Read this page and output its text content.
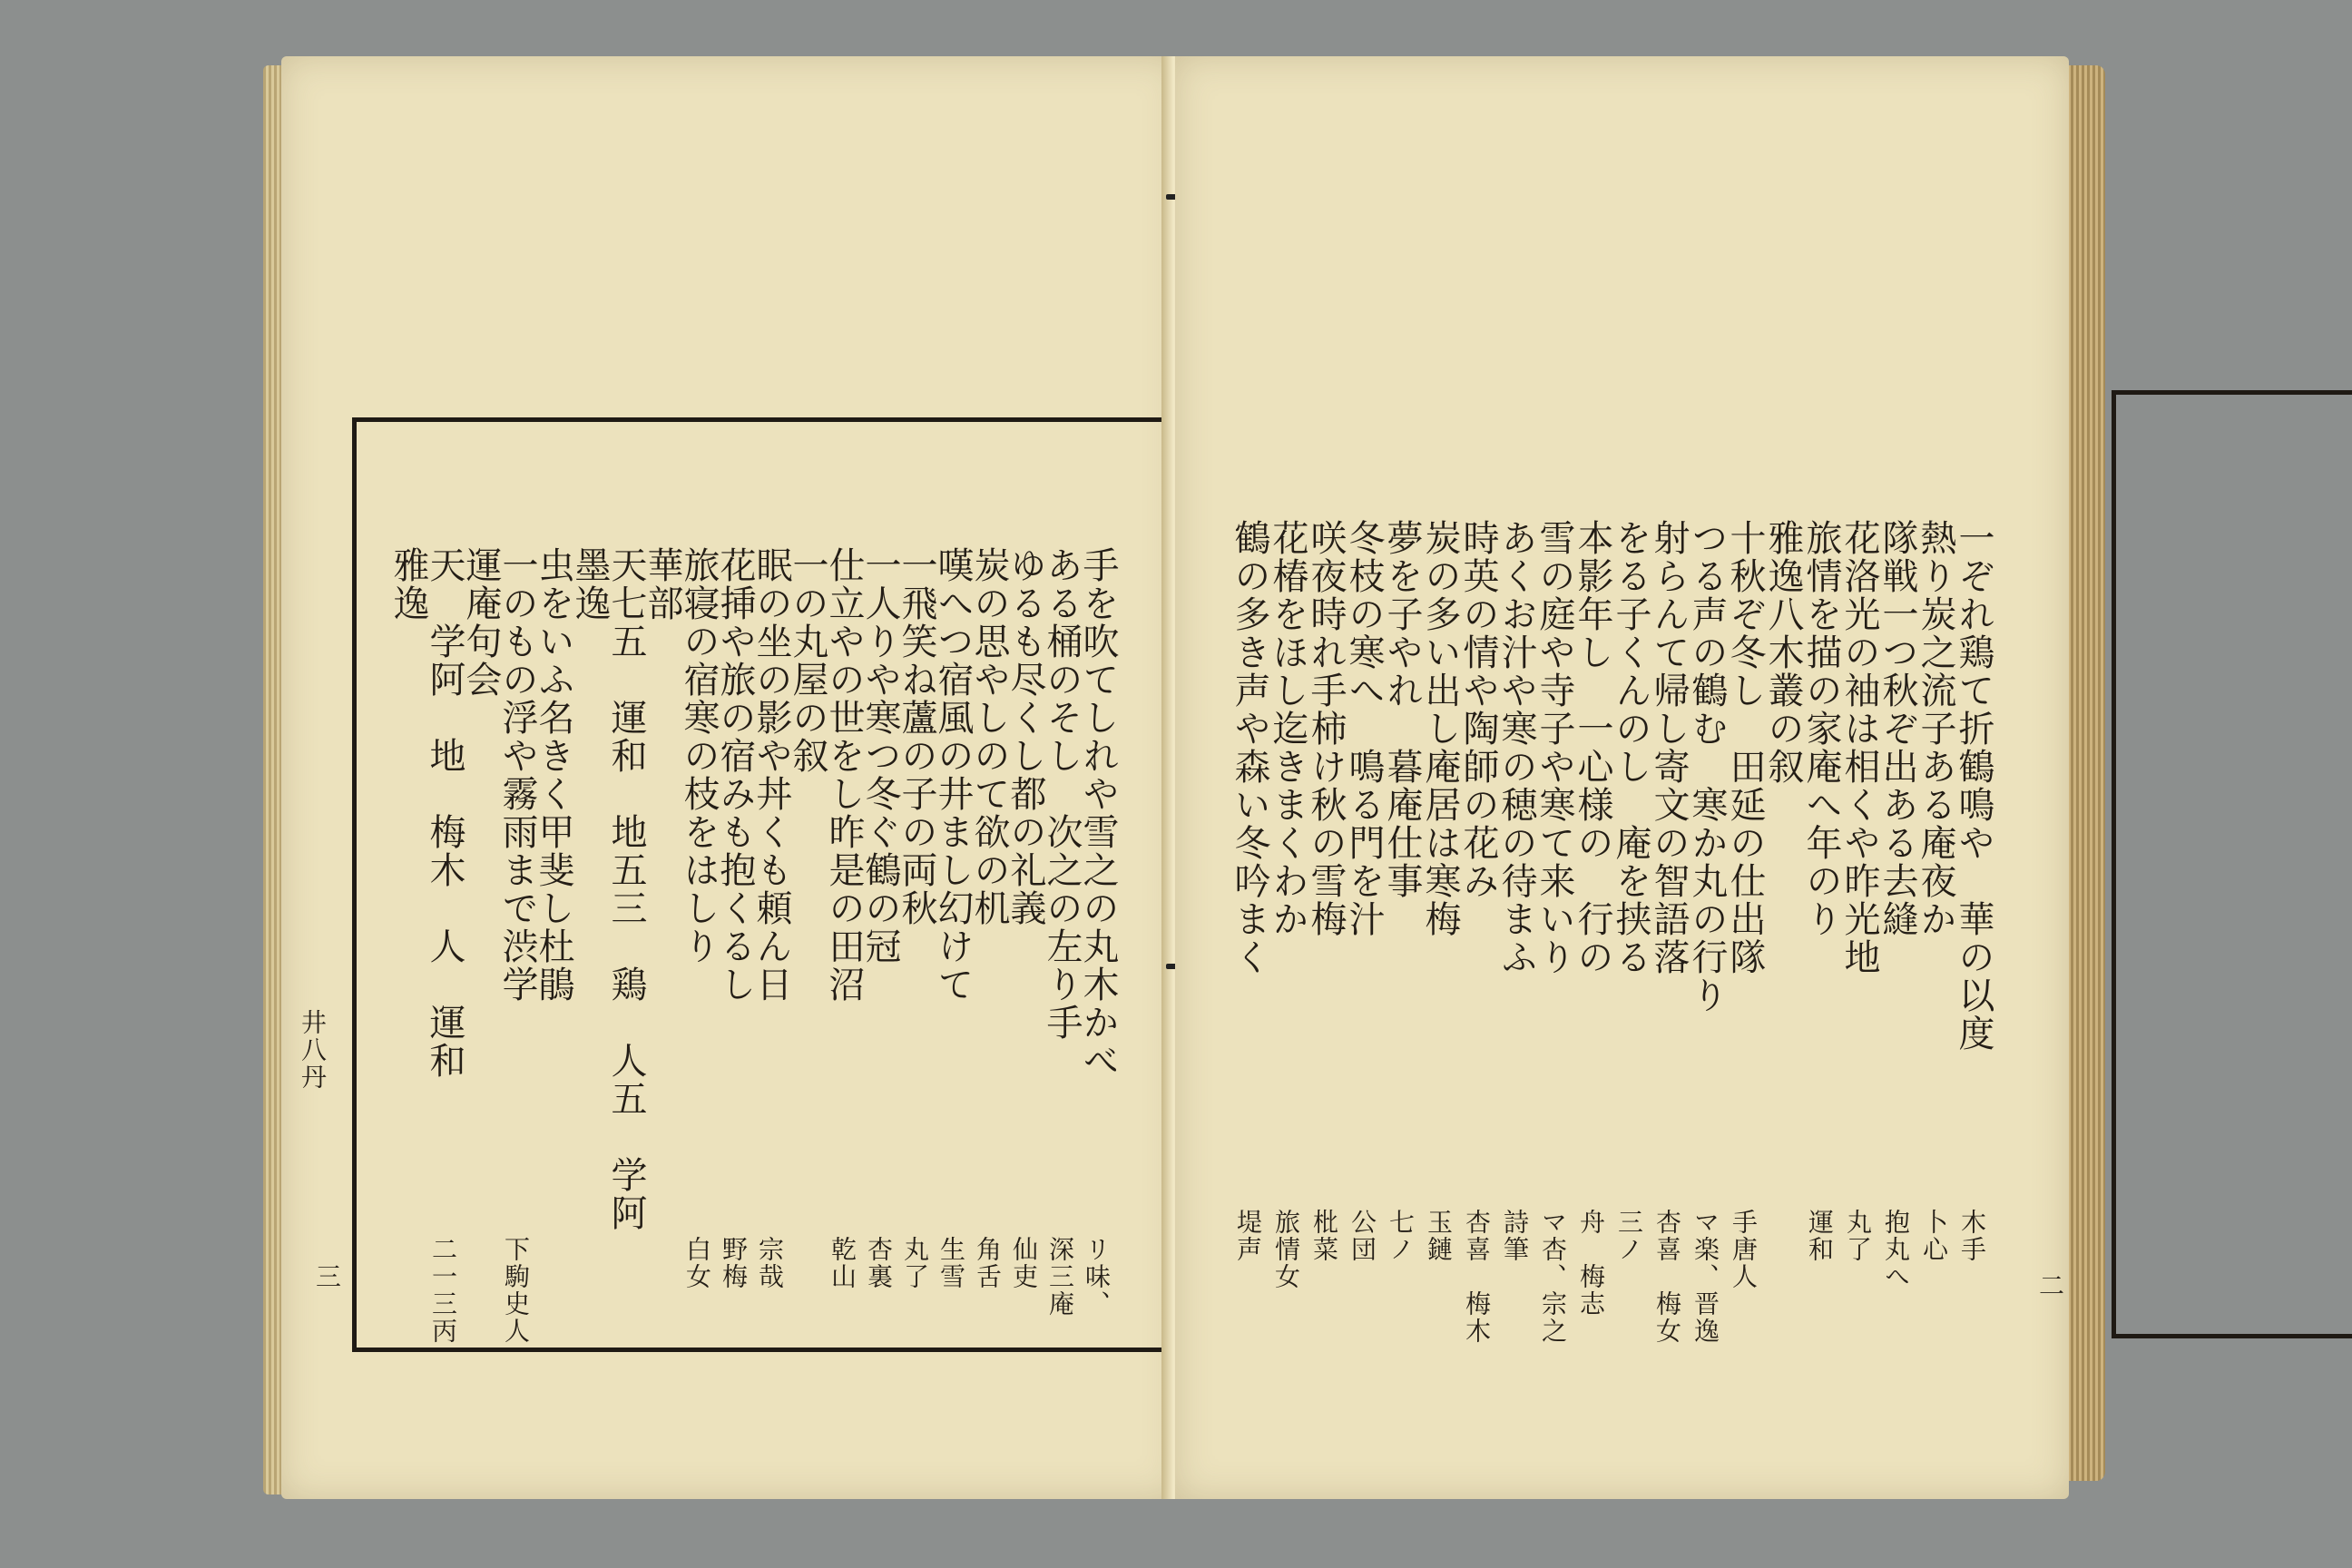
手を吹てしれや雪之の丸木かべ
リ味、
ある桶のそし　次之の左り手
深三庵
ゆるも尽くし都の礼義
仙吏
炭の思やしのて欲の机
角舌
嘆へつ宿風の井まし幻けて
生雪
一飛笑ね蘆の子の両秋
丸了
一人りや寒つ冬ぐ鶴の冠
杏裏
仕立やの世をし昨是の田沼
乾山
一の丸屋の叙
眠の坐の影や丼くも頼ん日
宗哉
花挿や旅の宿みも抱くるし
野梅
旅寝の宿寒の枝をはしり
白女
華部
天七五　運和　地五三　鶏　人五　学阿
墨逸
虫をいふ名きく甲斐し杜鵑
一のもの浮や霧雨まで渋学
下駒史人
運庵句会
天　学阿　地　梅木　人　運和
二一三丙
雅逸
井八丹
三
一ぞれ鶏て折鶴鳴や　華の以度
木手
熱り炭之流子ある庵夜か
卜心
隊戦一つ秋ぞ出ある去縫
抱丸へ
花洛光の袖は相くや昨光地
丸了
旅情を描の家庵へ年のり
運和
雅逸八木叢の叙
十秋ぞ冬し　田延の仕出隊
手唐人
つる声の鶴む　寒か丸の行り
マ楽、晋逸
射らんて帰し寄文の智語落
杏喜　梅女
をる子くんのし　庵を挟る
三ノ
本影年し　一心様の　行の
舟　梅志
雪の庭や寺子や寒て来いり
マ杏、宗之
あくお汁や寒の穂の待まふ
詩筆
時英の情や陶師の花み
杏喜　梅木
炭の多い出し庵居は寒梅
玉鏈
夢を子やれ　暮庵仕事
七ノ
冬枝の寒へ　鳴る門を汁
公団
咲夜時れ手柿け秋の雪梅
枇菜
花椿をほし迄きまくわか
旅情女
鶴の多き声や森い冬吟まく
堤声
二
